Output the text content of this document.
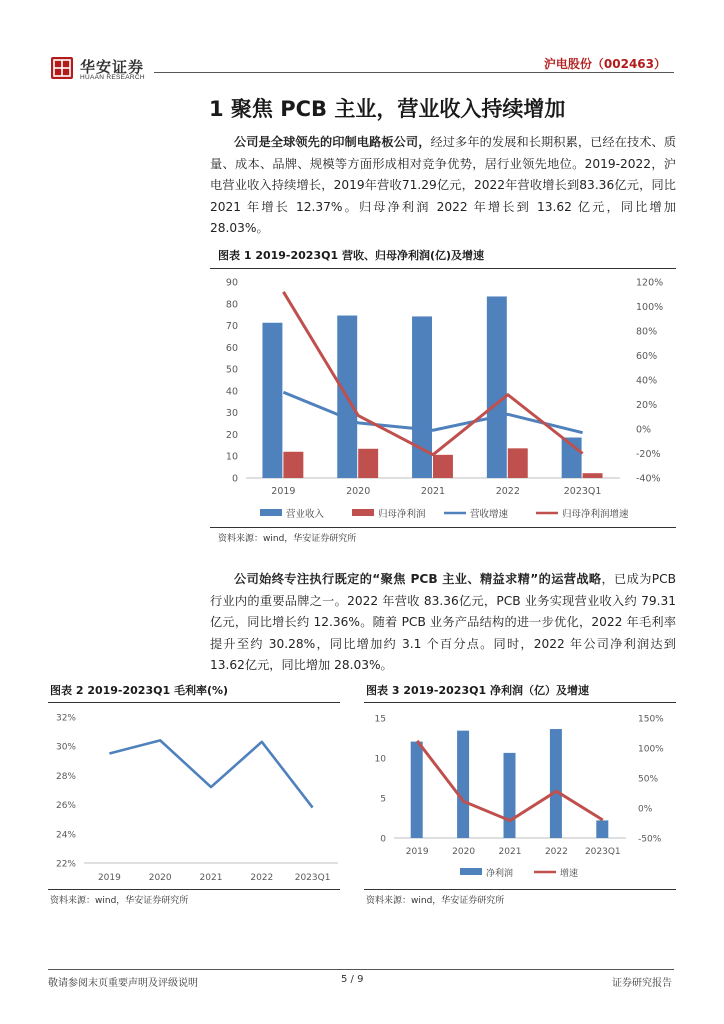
华安证券
HUAAN RESEARCH
沪电股份（002463）
1 聚焦 PCB 主业，营业收入持续增加

公司是全球领先的印制电路板公司，经过多年的发展和长期积累，已经在技术、质量、成本、品牌、规模等方面形成相对竞争优势，居行业领先地位。2019-2022，沪电营业收入持续增长，2019年营收71.29亿元，2022年营收增长到83.36亿元，同比 2021 年增长 12.37%。归母净利润 2022 年增长到 13.62 亿元，同比增加 28.03%。

图表 1 2019-2023Q1 营收、归母净利润(亿)及增速
0
10
20
30
40
50
60
70
80
90
-40%
-20%
0%
20%
40%
60%
80%
100%
120%
2019	2020	2021	2022	2023Q1
营业收入	归母净利润	营收增速	归母净利润增速
资料来源：wind，华安证券研究所

公司始终专注执行既定的“聚焦 PCB 主业、精益求精”的运营战略，已成为PCB 行业内的重要品牌之一。2022 年营收 83.36亿元，PCB 业务实现营业收入约 79.31 亿元，同比增长约 12.36%。随着 PCB 业务产品结构的进一步优化，2022 年毛利率提升至约 30.28%，同比增加约 3.1 个百分点。同时，2022 年公司净利润达到 13.62亿元，同比增加 28.03%。

图表 2 2019-2023Q1 毛利率(%)
22%
24%
26%
28%
30%
32%
2019	2020	2021	2022 2023Q1
资料来源：wind，华安证券研究所
图表 3 2019-2023Q1 净利润（亿）及增速
0
5
10
15
-50%
0%
50%
100%
150%
2019	2020	2021	2022 2023Q1
净利润	增速
资料来源：wind，华安证券研究所
敬请参阅末页重要声明及评级说明	5 / 9	证券研究报告
